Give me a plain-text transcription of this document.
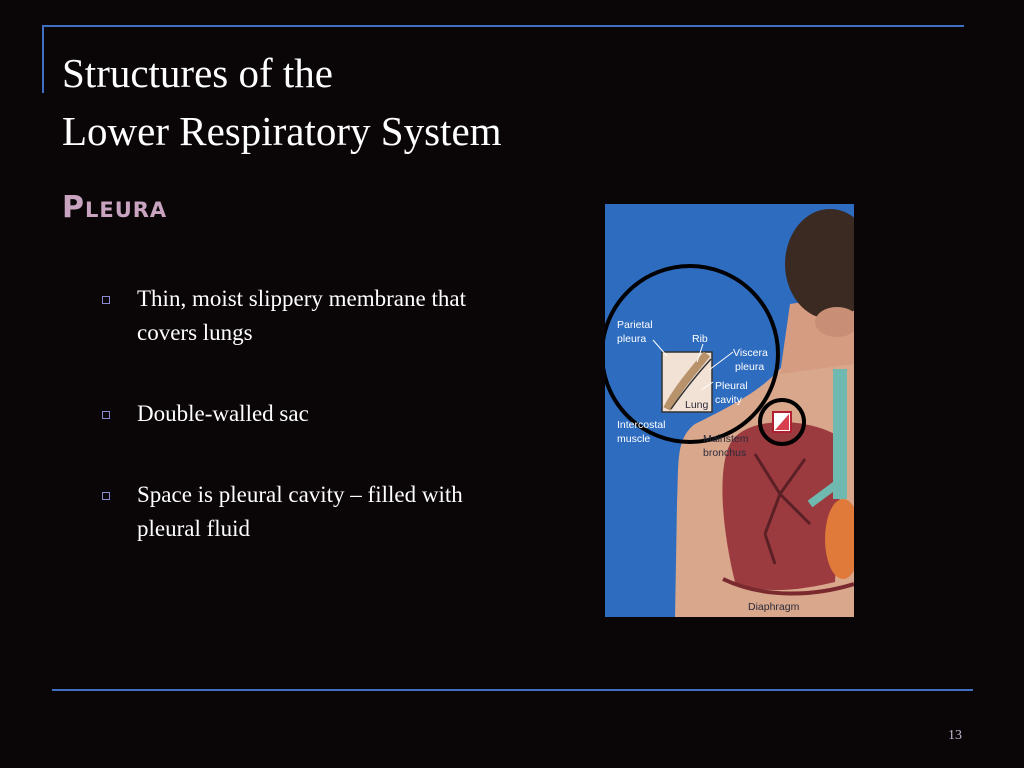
Structures of the
Lower Respiratory System
Pleura
Thin, moist slippery membrane that covers lungs
Double-walled sac
Space is pleural cavity – filled with pleural fluid
Parietal
pleura	Rib
Viscera
pleura
Pleural
cavity
Lung
Intercostal
muscle	Mainstem
bronchus
Diaphragm
13
